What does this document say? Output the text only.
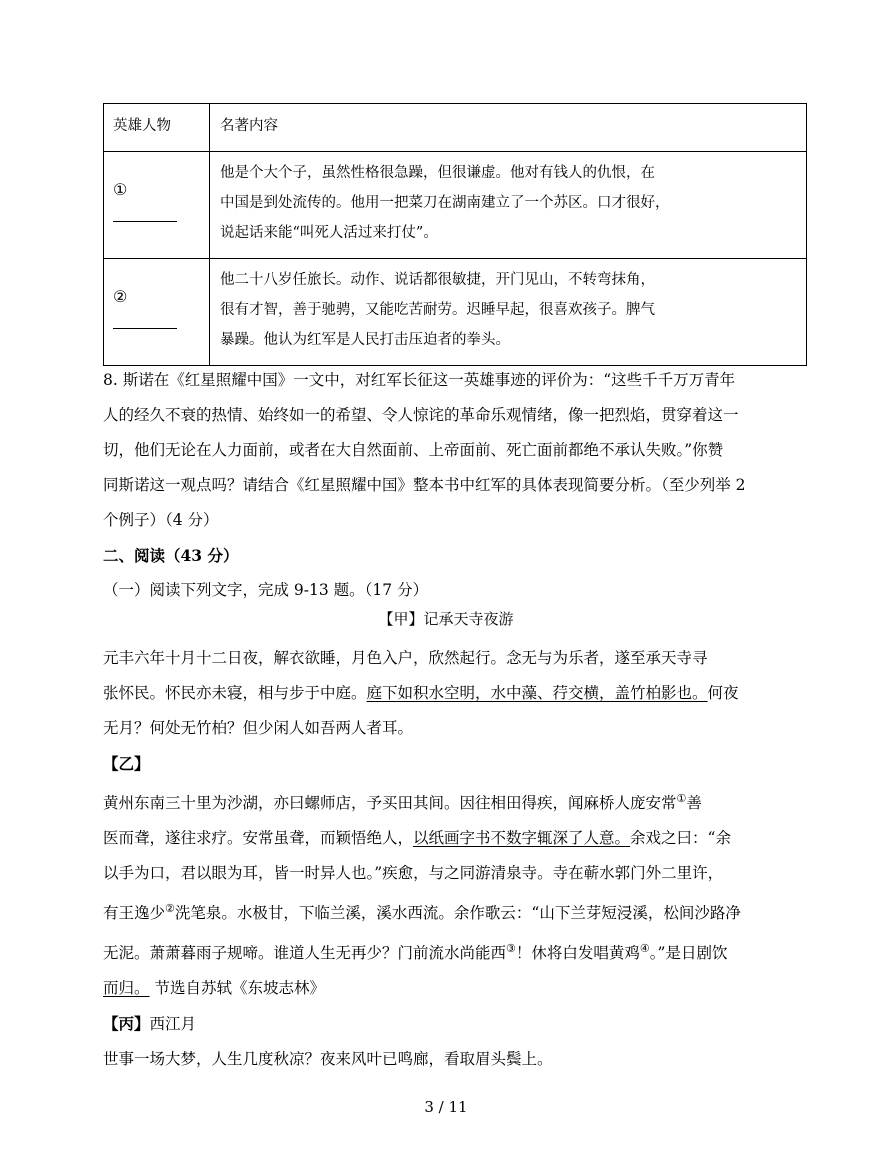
英雄人物	名著内容

①	他是个大个子，虽然性格很急躁，但很谦虚。他对有钱人的仇恨，在
中国是到处流传的。他用一把菜刀在湖南建立了一个苏区。口才很好，
说起话来能“叫死人活过来打仗”。

②	他二十八岁任旅长。动作、说话都很敏捷，开门见山，不转弯抹角，
很有才智，善于驰骋，又能吃苦耐劳。迟睡早起，很喜欢孩子。脾气
暴躁。他认为红军是人民打击压迫者的拳头。
8. 斯诺在《红星照耀中国》一文中，对红军长征这一英雄事迹的评价为：“这些千千万万青年
人的经久不衰的热情、始终如一的希望、令人惊诧的革命乐观情绪，像一把烈焰，贯穿着这一
切，他们无论在人力面前，或者在大自然面前、上帝面前、死亡面前都绝不承认失败。”你赞
同斯诺这一观点吗？请结合《红星照耀中国》整本书中红军的具体表现简要分析。（至少列举 2
个例子）（4 分）
二、阅读（43 分）
（一）阅读下列文字，完成 9-13 题。（17 分）
【甲】记承天寺夜游
元丰六年十月十二日夜，解衣欲睡，月色入户，欣然起行。念无与为乐者，遂至承天寺寻
张怀民。怀民亦未寝，相与步于中庭。庭下如积水空明，水中藻、荇交横，盖竹柏影也。何夜
无月？何处无竹柏？但少闲人如吾两人者耳。
【乙】
黄州东南三十里为沙湖，亦曰螺师店，予买田其间。因往相田得疾，闻麻桥人庞安常①善
医而聋，遂往求疗。安常虽聋，而颖悟绝人，以纸画字书不数字辄深了人意。余戏之曰：“余
以手为口，君以眼为耳，皆一时异人也。”疾愈，与之同游清泉寺。寺在蕲水郭门外二里许，
有王逸少②洗笔泉。水极甘，下临兰溪，溪水西流。余作歌云：“山下兰芽短浸溪，松间沙路净
无泥。萧萧暮雨子规啼。谁道人生无再少？门前流水尚能西③！休将白发唱黄鸡④。”是日剧饮
而归。 节选自苏轼《东坡志林》
【丙】西江月
世事一场大梦，人生几度秋凉？夜来风叶已鸣廊，看取眉头鬓上。
3 / 11
